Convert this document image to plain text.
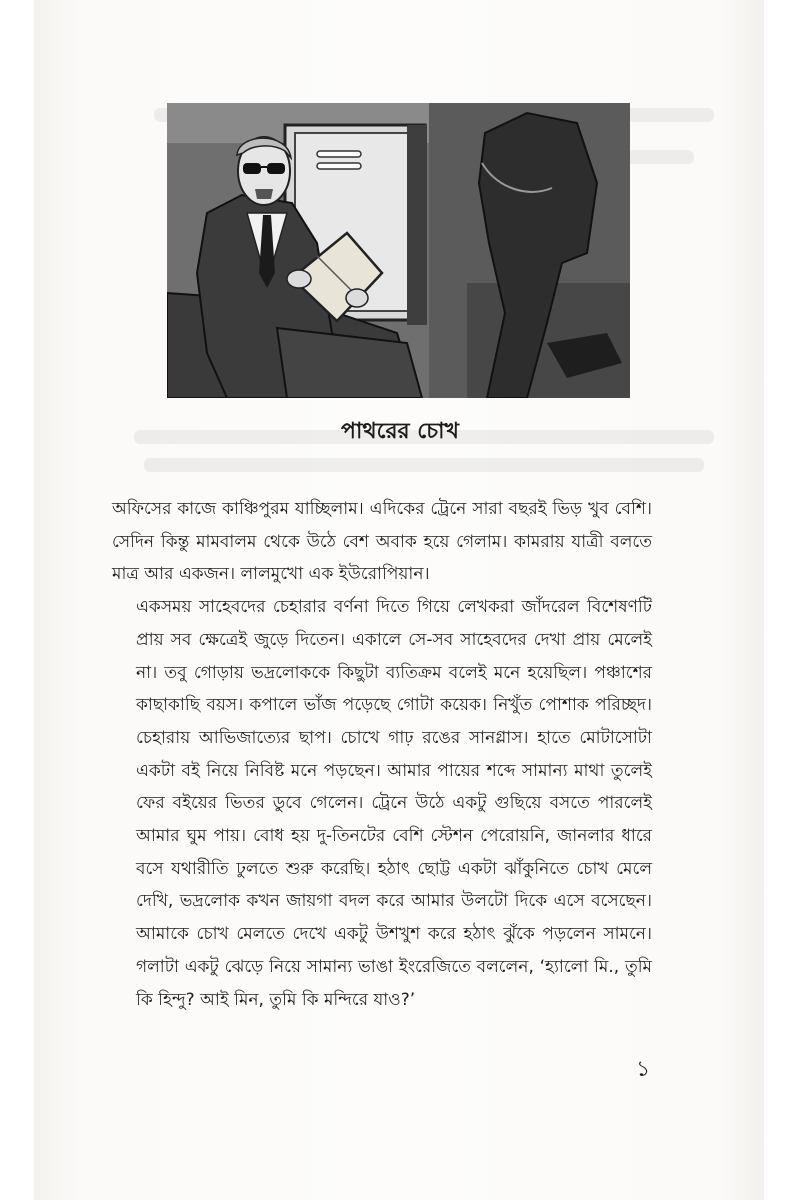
পাথরের চোখ
অফিসের কাজে কাঞ্চিপুরম যাচ্ছিলাম। এদিকের ট্রেনে সারা বছরই ভিড় খুব বেশি। সেদিন কিন্তু মামবালম থেকে উঠে বেশ অবাক হয়ে গেলাম। কামরায় যাত্রী বলতে মাত্র আর একজন। লালমুখো এক ইউরোপিয়ান।
একসময় সাহেবদের চেহারার বর্ণনা দিতে গিয়ে লেখকরা জাঁদরেল বিশেষণটি প্রায় সব ক্ষেত্রেই জুড়ে দিতেন। একালে সে-সব সাহেবদের দেখা প্রায় মেলেই না। তবু গোড়ায় ভদ্রলোককে কিছুটা ব্যতিক্রম বলেই মনে হয়েছিল। পঞ্চাশের কাছাকাছি বয়স। কপালে ভাঁজ পড়েছে গোটা কয়েক। নিখুঁত পোশাক পরিচ্ছদ। চেহারায় আভিজাত্যের ছাপ। চোখে গাঢ় রঙের সানগ্লাস। হাতে মোটাসোটা একটা বই নিয়ে নিবিষ্ট মনে পড়ছেন। আমার পায়ের শব্দে সামান্য মাথা তুলেই ফের বইয়ের ভিতর ডুবে গেলেন। ট্রেনে উঠে একটু গুছিয়ে বসতে পারলেই আমার ঘুম পায়। বোধ হয় দু-তিনটের বেশি স্টেশন পেরোয়নি, জানলার ধারে বসে যথারীতি ঢুলতে শুরু করেছি। হঠাৎ ছোট্ট একটা ঝাঁকুনিতে চোখ মেলে দেখি, ভদ্রলোক কখন জায়গা বদল করে আমার উলটো দিকে এসে বসেছেন। আমাকে চোখ মেলতে দেখে একটু উশখুশ করে হঠাৎ ঝুঁকে পড়লেন সামনে। গলাটা একটু ঝেড়ে নিয়ে সামান্য ভাঙা ইংরেজিতে বললেন, ‘হ্যালো মি., তুমি কি হিন্দু? আই মিন, তুমি কি মন্দিরে যাও?’
১
